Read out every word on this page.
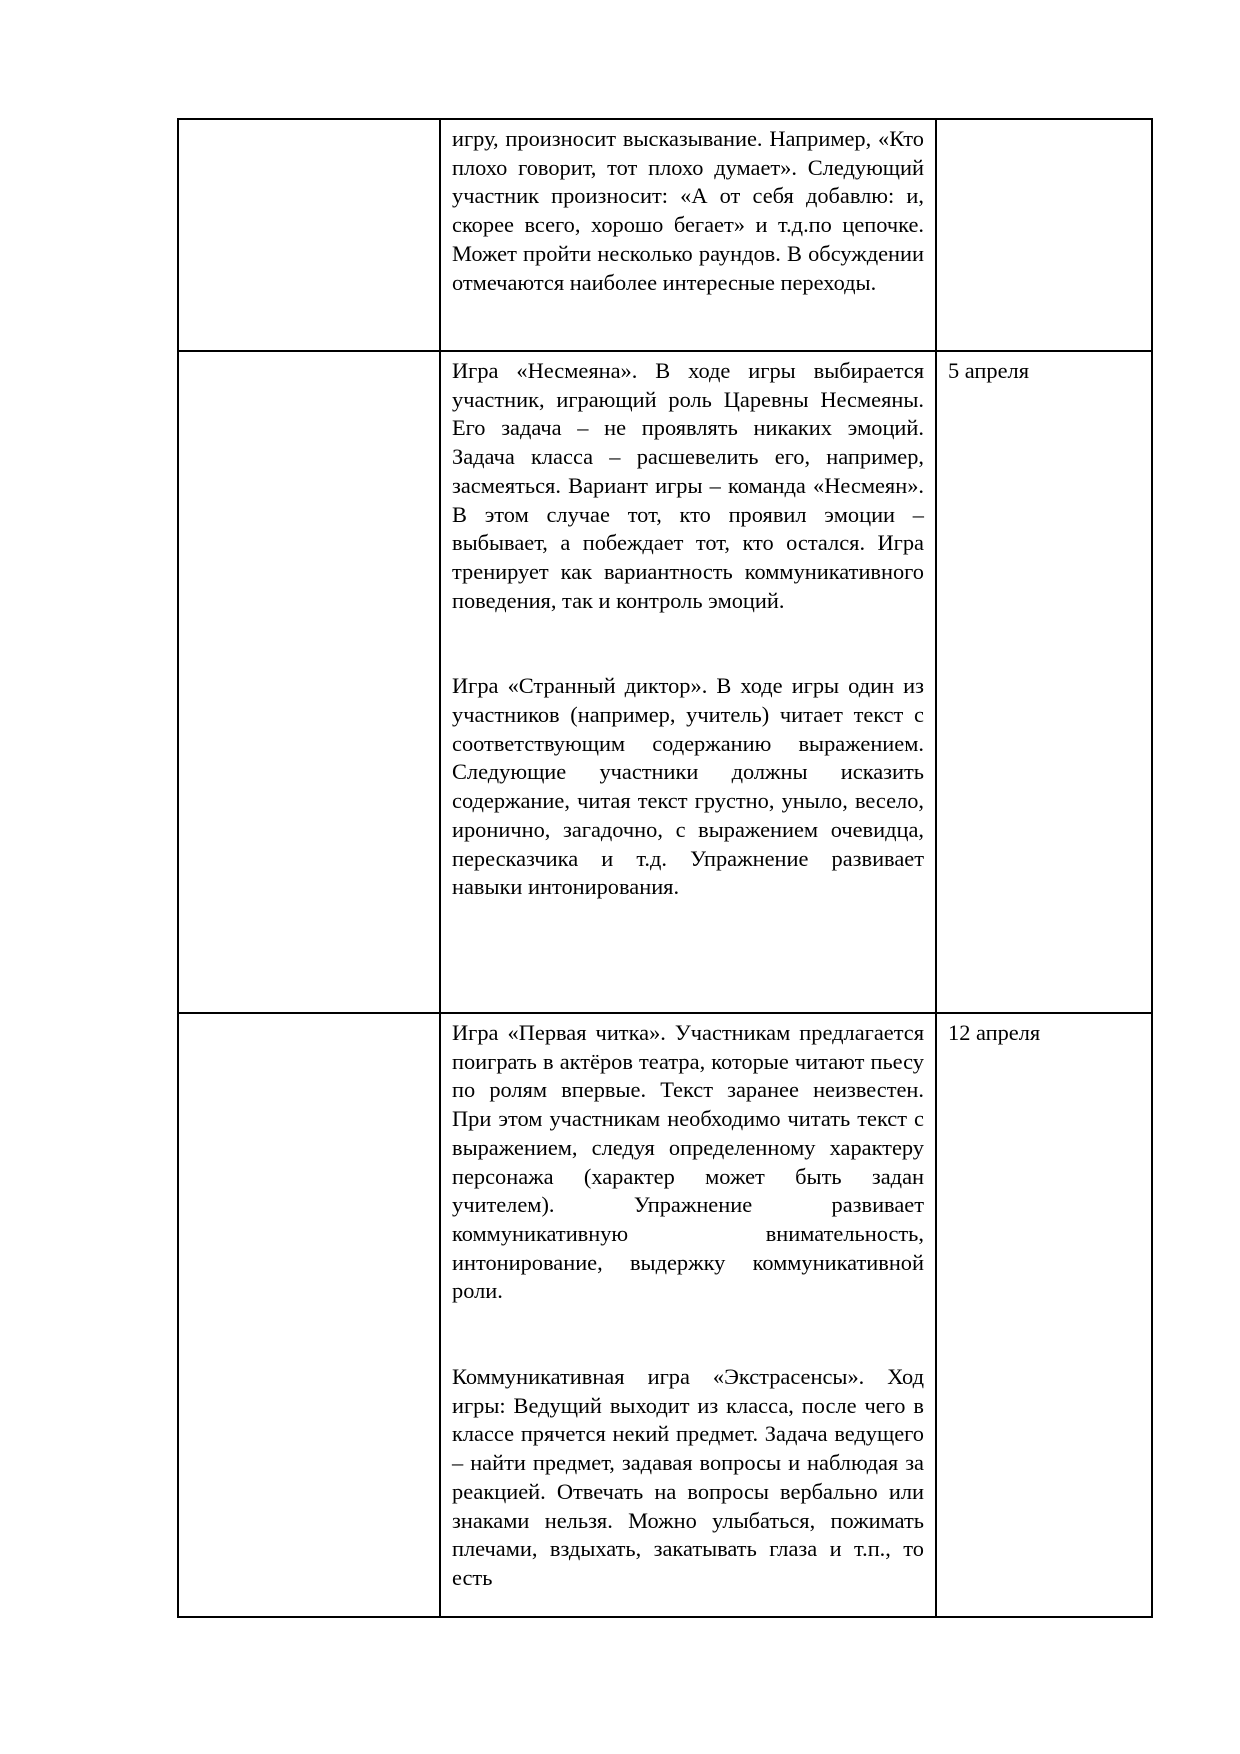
	игру, произносит высказывание. Например, «Кто плохо говорит, тот плохо думает». Следующий участник произносит: «А от себя добавлю: и, скорее всего, хорошо бегает» и т.д.по цепочке. Может пройти несколько раундов. В обсуждении отмечаются наиболее интересные переходы.	

	Игра «Несмеяна». В ходе игры выбирается участник, играющий роль Царевны Несмеяны. Его задача – не проявлять никаких эмоций. Задача класса – расшевелить его, например, засмеяться. Вариант игры – команда «Несмеян». В этом случае тот, кто проявил эмоции – выбывает, а побеждает тот, кто остался. Игра тренирует как вариантность коммуникативного поведения, так и контроль эмоций.

Игра «Странный диктор». В ходе игры один из участников (например, учитель) читает текст с соответствующим содержанию выражением. Следующие участники должны исказить содержание, читая текст грустно, уныло, весело, иронично, загадочно, с выражением очевидца, пересказчика и т.д. Упражнение развивает навыки интонирования.	5 апреля

	Игра «Первая читка». Участникам предлагается поиграть в актёров театра, которые читают пьесу по ролям впервые. Текст заранее неизвестен. При этом участникам необходимо читать текст с выражением, следуя определенному характеру персонажа (характер может быть задан учителем). Упражнение развивает коммуникативную внимательность, интонирование, выдержку коммуникативной роли.

Коммуникативная игра «Экстрасенсы». Ход игры: Ведущий выходит из класса, после чего в классе прячется некий предмет. Задача ведущего – найти предмет, задавая вопросы и наблюдая за реакцией. Отвечать на вопросы вербально или знаками нельзя. Можно улыбаться, пожимать плечами, вздыхать, закатывать глаза и т.п., то есть	12 апреля
